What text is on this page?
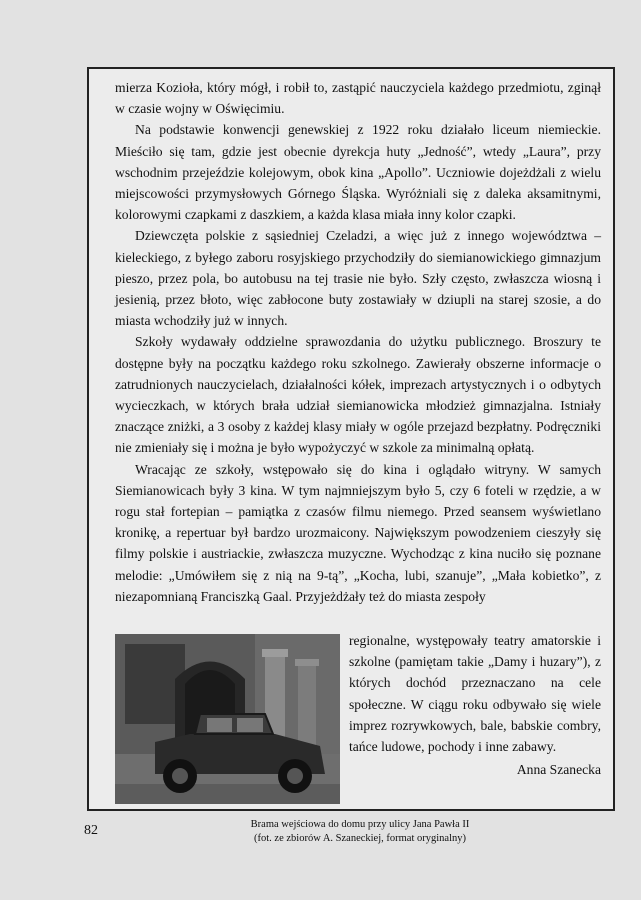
mierza Kozioła, który mógł, i robił to, zastąpić nauczyciela każdego przedmiotu, zginął w czasie wojny w Oświęcimiu.

Na podstawie konwencji genewskiej z 1922 roku działało liceum niemieckie. Mieściło się tam, gdzie jest obecnie dyrekcja huty „Jedność”, wtedy „Laura”, przy wschodnim przejeździe kolejowym, obok kina „Apollo”. Uczniowie dojeżdżali z wielu miejscowości przymysłowych Górnego Śląska. Wyróżniali się z daleka aksamitnymi, kolorowymi czapkami z daszkiem, a każda klasa miała inny kolor czapki.

Dziewczęta polskie z sąsiedniej Czeladzi, a więc już z innego województwa – kieleckiego, z byłego zaboru rosyjskiego przychodziły do siemianowickiego gimnazjum pieszo, przez pola, bo autobusu na tej trasie nie było. Szły często, zwłaszcza wiosną i jesienią, przez błoto, więc zabłocone buty zostawiały w dziupli na starej szosie, a do miasta wchodziły już w innych.

Szkoły wydawały oddzielne sprawozdania do użytku publicznego. Broszury te dostępne były na początku każdego roku szkolnego. Zawierały obszerne informacje o zatrudnionych nauczycielach, działalności kółek, imprezach artystycznych i o odbytych wycieczkach, w których brała udział siemianowicka młodzież gimnazjalna. Istniały znaczące zniżki, a 3 osoby z każdej klasy miały w ogóle przejazd bezpłatny. Podręczniki nie zmieniały się i można je było wypożyczyć w szkole za minimalną opłatą.

Wracając ze szkoły, wstępowało się do kina i oglądało witryny. W samych Siemianowicach były 3 kina. W tym najmniejszym było 5, czy 6 foteli w rzędzie, a w rogu stał fortepian – pamiątka z czasów filmu niemego. Przed seansem wyświetlano kronikę, a repertuar był bardzo urozmaicony. Największym powodzeniem cieszyły się filmy polskie i austriackie, zwłaszcza muzyczne. Wychodząc z kina nuciło się poznane melodie: „Umówiłem się z nią na 9-tą”, „Kocha, lubi, szanuje”, „Mała kobietko”, z niezapomnianą Franciszką Gaal. Przyjeżdżały też do miasta zespoły

regionalne, występowały teatry amatorskie i szkolne (pamiętam takie „Damy i huzary”), z których dochód przeznaczano na cele społeczne. W ciągu roku odbywało się wiele imprez rozrywkowych, bale, babskie combry, tańce ludowe, pochody i inne zabawy.

Anna Szanecka
82	Brama wejściowa do domu przy ulicy Jana Pawła II
(fot. ze zbiorów A. Szaneckiej, format oryginalny)
